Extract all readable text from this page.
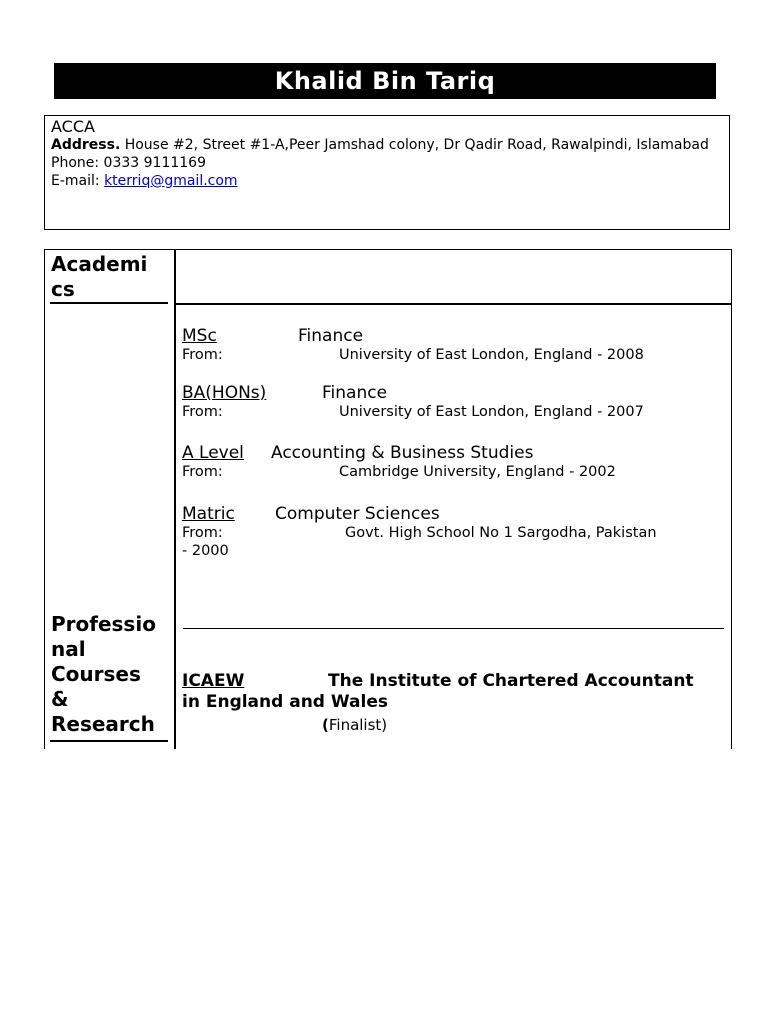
Khalid Bin Tariq
ACCA
Address. House #2, Street #1-A,Peer Jamshad colony, Dr Qadir Road, Rawalpindi, Islamabad
Phone: 0333 9111169
E-mail: kterriq@gmail.com
Academi
cs
MSc	Finance
From:	University of East London, England - 2008
BA(HONs)	Finance
From:	University of East London, England - 2007
A Level Accounting & Business Studies
From:	Cambridge University, England - 2002
Matric Computer Sciences
From:	Govt. High School No 1 Sargodha, Pakistan
- 2000
Professio
nal
Courses
&
Research
ICAEW	The Institute of Chartered Accountant
in England and Wales
(Finalist)
